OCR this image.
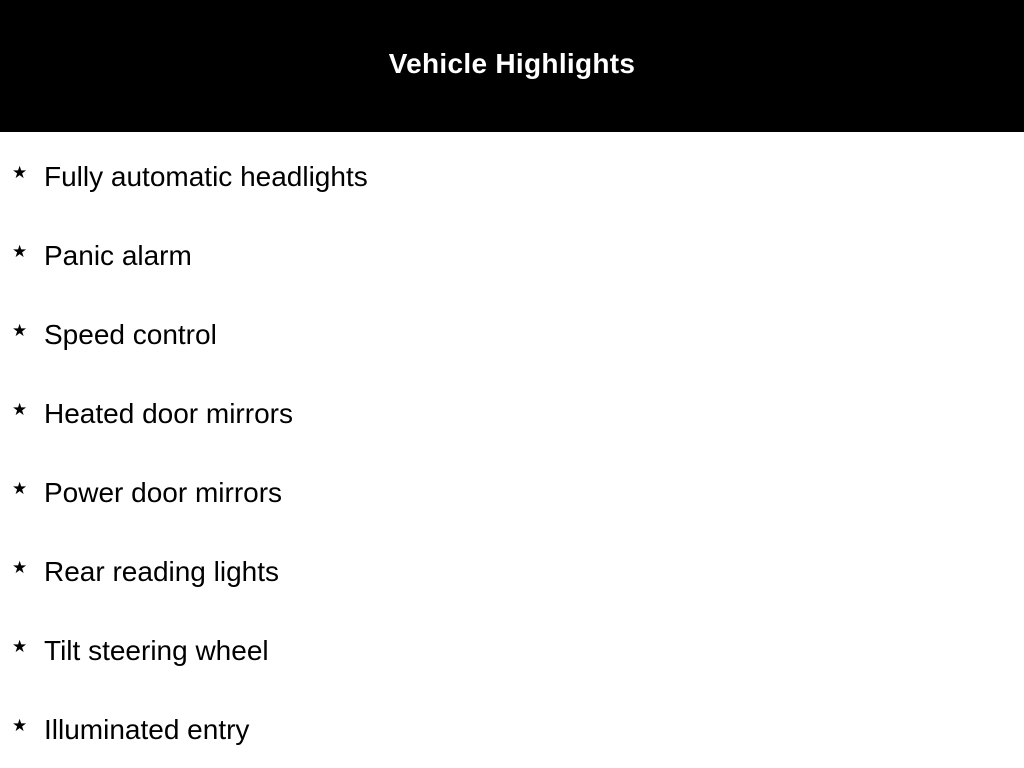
Vehicle Highlights
★ Fully automatic headlights
★ Panic alarm
★ Speed control
★ Heated door mirrors
★ Power door mirrors
★ Rear reading lights
★ Tilt steering wheel
★ Illuminated entry
